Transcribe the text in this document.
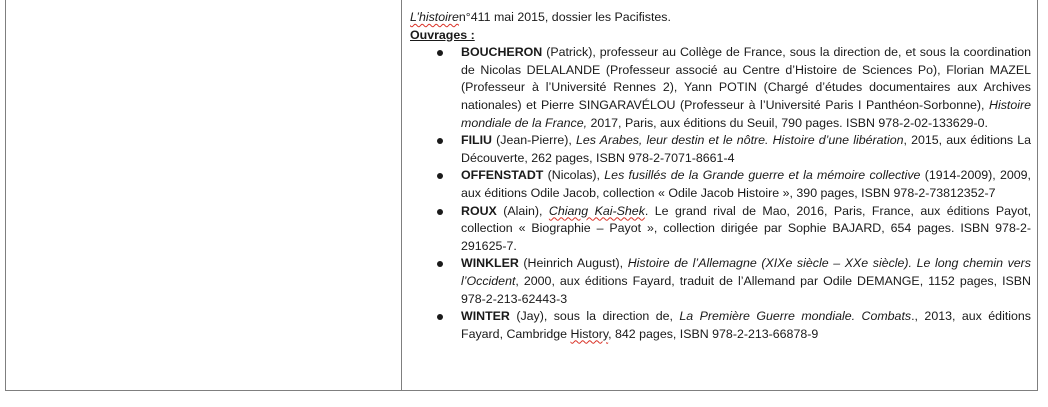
L’histoiren°411 mai 2015, dossier les Pacifistes.
Ouvrages :
BOUCHERON (Patrick), professeur au Collège de France, sous la direction de, et sous la coordination de Nicolas DELALANDE (Professeur associé au Centre d’Histoire de Sciences Po), Florian MAZEL (Professeur à l’Université Rennes 2), Yann POTIN (Chargé d’études documentaires aux Archives nationales) et Pierre SINGARAVÉLOU (Professeur à l’Université Paris I Panthéon-Sorbonne), Histoire mondiale de la France, 2017, Paris, aux éditions du Seuil, 790 pages. ISBN 978-2-02-133629-0.
FILIU (Jean-Pierre), Les Arabes, leur destin et le nôtre. Histoire d’une libération, 2015, aux éditions La Découverte, 262 pages, ISBN 978-2-7071-8661-4
OFFENSTADT (Nicolas), Les fusillés de la Grande guerre et la mémoire collective (1914-2009), 2009, aux éditions Odile Jacob, collection « Odile Jacob Histoire », 390 pages, ISBN 978-2-73812352-7
ROUX (Alain), Chiang Kai-Shek. Le grand rival de Mao, 2016, Paris, France, aux éditions Payot, collection « Biographie – Payot », collection dirigée par Sophie BAJARD, 654 pages. ISBN 978-2-291625-7.
WINKLER (Heinrich August), Histoire de l’Allemagne (XIXe siècle – XXe siècle). Le long chemin vers l’Occident, 2000, aux éditions Fayard, traduit de l’Allemand par Odile DEMANGE, 1152 pages, ISBN 978-2-213-62443-3
WINTER (Jay), sous la direction de, La Première Guerre mondiale. Combats., 2013, aux éditions Fayard, Cambridge History, 842 pages, ISBN 978-2-213-66878-9
